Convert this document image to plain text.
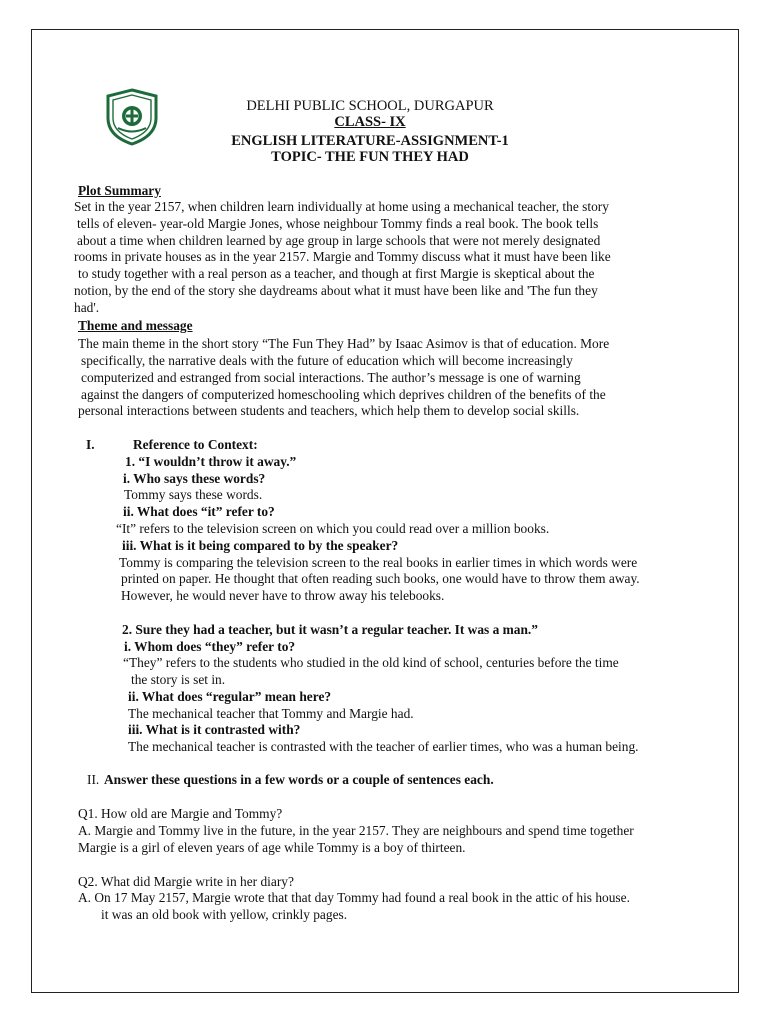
DELHI PUBLIC SCHOOL, DURGAPUR
CLASS- IX
ENGLISH LITERATURE-ASSIGNMENT-1
TOPIC- THE FUN THEY HAD
Plot Summary
Set in the year 2157, when children learn individually at home using a mechanical teacher, the story
tells of eleven- year-old Margie Jones, whose neighbour Tommy finds a real book. The book tells
about a time when children learned by age group in large schools that were not merely designated
rooms in private houses as in the year 2157. Margie and Tommy discuss what it must have been like
to study together with a real person as a teacher, and though at first Margie is skeptical about the
notion, by the end of the story she daydreams about what it must have been like and 'The fun they
had'.
Theme and message
The main theme in the short story “The Fun They Had” by Isaac Asimov is that of education. More
specifically, the narrative deals with the future of education which will become increasingly
computerized and estranged from social interactions. The author’s message is one of warning
against the dangers of computerized homeschooling which deprives children of the benefits of the
personal interactions between students and teachers, which help them to develop social skills.
I.	Reference to Context:
1. “I wouldn’t throw it away.”
i. Who says these words?
Tommy says these words.
ii. What does “it” refer to?
“It” refers to the television screen on which you could read over a million books.
iii. What is it being compared to by the speaker?
Tommy is comparing the television screen to the real books in earlier times in which words were
printed on paper. He thought that often reading such books, one would have to throw them away.
However, he would never have to throw away his telebooks.
2. Sure they had a teacher, but it wasn’t a regular teacher. It was a man.”
i. Whom does “they” refer to?
“They” refers to the students who studied in the old kind of school, centuries before the time
the story is set in.
ii. What does “regular” mean here?
The mechanical teacher that Tommy and Margie had.
iii. What is it contrasted with?
The mechanical teacher is contrasted with the teacher of earlier times, who was a human being.
II. Answer these questions in a few words or a couple of sentences each.
Q1. How old are Margie and Tommy?
A. Margie and Tommy live in the future, in the year 2157. They are neighbours and spend time together
Margie is a girl of eleven years of age while Tommy is a boy of thirteen.
Q2. What did Margie write in her diary?
A. On 17 May 2157, Margie wrote that that day Tommy had found a real book in the attic of his house.
it was an old book with yellow, crinkly pages.
